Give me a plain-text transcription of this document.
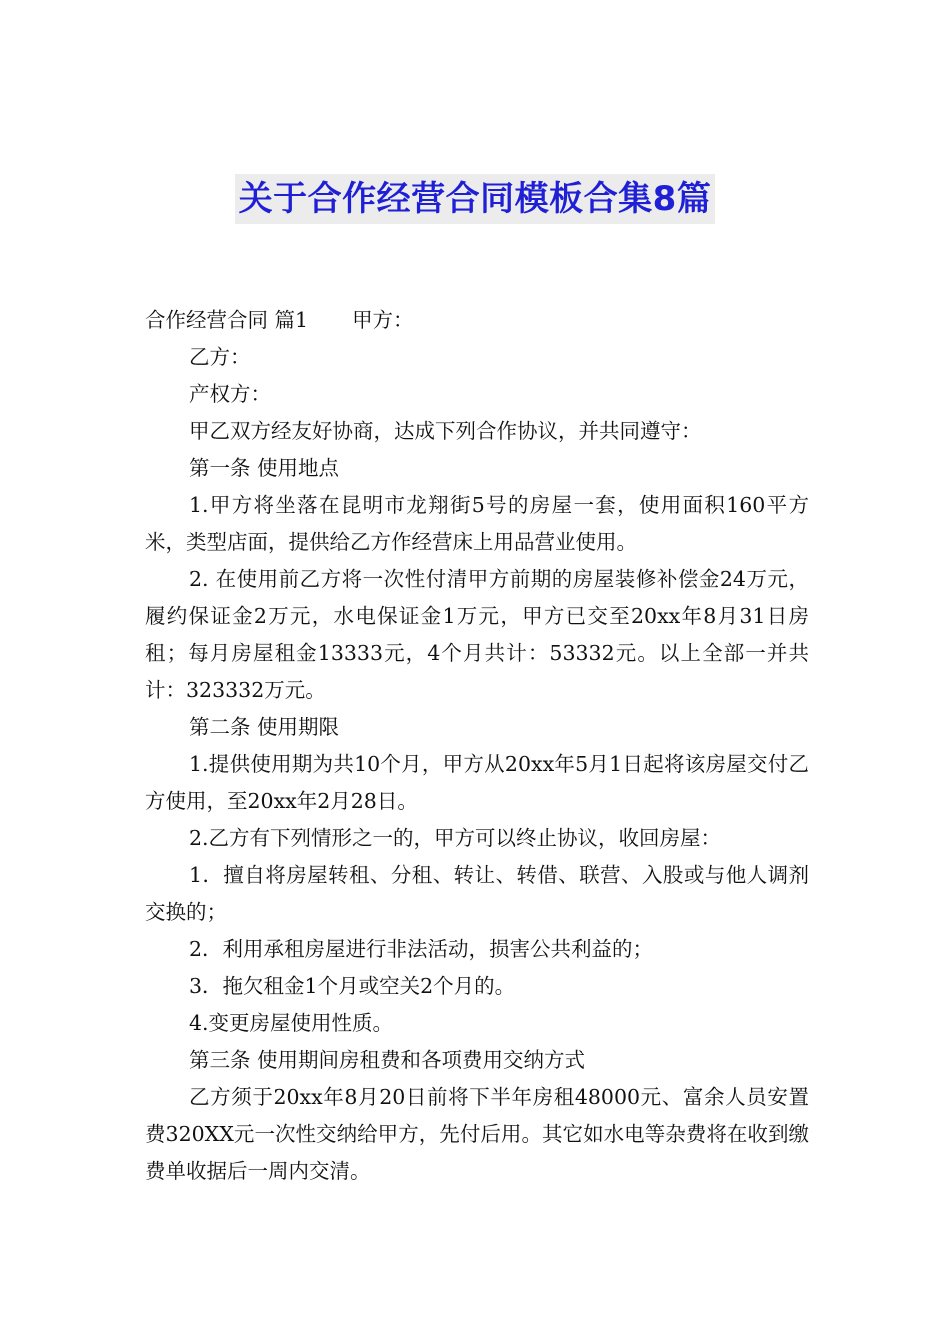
关于合作经营合同模板合集8篇

合作经营合同 篇1 甲方：

乙方：

产权方：

甲乙双方经友好协商，达成下列合作协议，并共同遵守：

第一条 使用地点

1.甲方将坐落在昆明市龙翔街5号的房屋一套，使用面积160平方米，类型店面，提供给乙方作经营床上用品营业使用。

2. 在使用前乙方将一次性付清甲方前期的房屋装修补偿金24万元，履约保证金2万元，水电保证金1万元，甲方已交至20xx年8月31日房租；每月房屋租金13333元，4个月共计：53332元。以上全部一并共计：323332万元。

第二条 使用期限

1.提供使用期为共10个月，甲方从20xx年5月1日起将该房屋交付乙方使用，至20xx年2月28日。

2.乙方有下列情形之一的，甲方可以终止协议，收回房屋：

1．擅自将房屋转租、分租、转让、转借、联营、入股或与他人调剂交换的；

2．利用承租房屋进行非法活动，损害公共利益的；

3．拖欠租金1个月或空关2个月的。

4.变更房屋使用性质。

第三条 使用期间房租费和各项费用交纳方式

乙方须于20xx年8月20日前将下半年房租48000元、富余人员安置费320XX元一次性交纳给甲方，先付后用。其它如水电等杂费将在收到缴费单收据后一周内交清。
